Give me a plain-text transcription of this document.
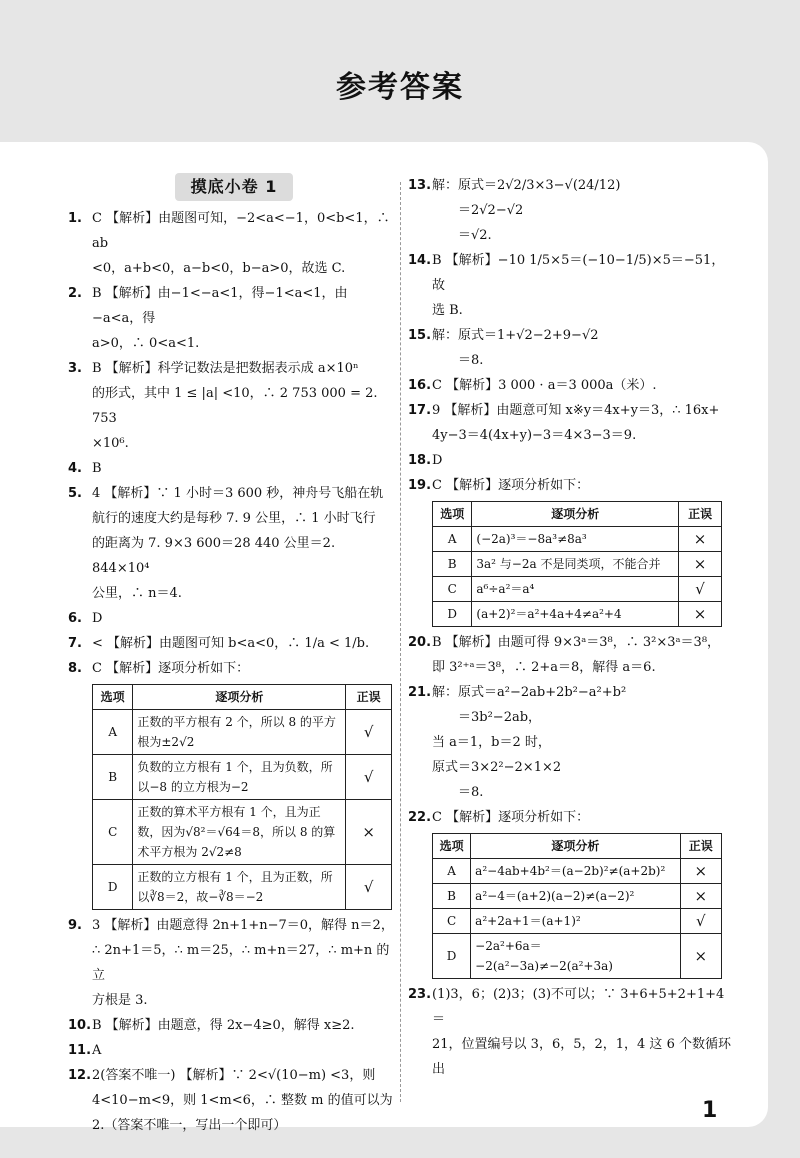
参考答案
摸底小卷 1
1. C 【解析】由题图可知，−2<a<−1，0<b<1，∴ ab
<0，a+b<0，a−b<0，b−a>0，故选 C.
2. B 【解析】由−1<−a<1，得−1<a<1，由−a<a，得
a>0，∴ 0<a<1.
3. B 【解析】科学记数法是把数据表示成 a×10ⁿ
的形式，其中 1 ≤ |a| <10，∴ 2 753 000 = 2. 753
×10⁶.
4. B
5. 4 【解析】∵ 1 小时＝3 600 秒，神舟号飞船在轨
航行的速度大约是每秒 7. 9 公里，∴ 1 小时飞行
的距离为 7. 9×3 600＝28 440 公里＝2. 844×10⁴
公里，∴ n＝4.
6. D
7. < 【解析】由题图可知 b<a<0，∴ 1/a < 1/b.
8. C 【解析】逐项分析如下：
选项	逐项分析	正误
A	正数的平方根有 2 个，所以 8 的平方根为±2√2	√
B	负数的立方根有 1 个，且为负数，所以−8 的立方根为−2	√
C	正数的算术平方根有 1 个，且为正数，因为√8²＝√64＝8，所以 8 的算术平方根为 2√2≠8	×
D	正数的立方根有 1 个，且为正数，所以∛8＝2，故−∛8＝−2	√
9. 3 【解析】由题意得 2n+1+n−7＝0，解得 n＝2，
∴ 2n+1＝5，∴ m＝25，∴ m+n＝27，∴ m+n 的立
方根是 3.
10. B 【解析】由题意，得 2x−4≥0，解得 x≥2.
11. A
12. 2(答案不唯一) 【解析】∵ 2<√(10−m) <3，则
4<10−m<9，则 1<m<6，∴ 整数 m 的值可以为
2.（答案不唯一，写出一个即可）
13. 解：原式＝2√2/3×3−√(24/12)
＝2√2−√2
＝√2.
14. B 【解析】−10 1/5×5＝(−10−1/5)×5＝−51，故
选 B.
15. 解：原式＝1+√2−2+9−√2
＝8.
16. C 【解析】3 000 · a＝3 000a（米）.
17. 9 【解析】由题意可知 x※y＝4x+y＝3，∴ 16x+
4y−3＝4(4x+y)−3＝4×3−3＝9.
18. D
19. C 【解析】逐项分析如下：
选项	逐项分析	正误
A	(−2a)³＝−8a³≠8a³	×
B	3a² 与−2a 不是同类项，不能合并	×
C	a⁶÷a²＝a⁴	√
D	(a+2)²＝a²+4a+4≠a²+4	×
20. B 【解析】由题可得 9×3ᵃ＝3⁸，∴ 3²×3ᵃ＝3⁸，
即 3²⁺ᵃ＝3⁸，∴ 2+a＝8，解得 a＝6.
21. 解：原式＝a²−2ab+2b²−a²+b²
＝3b²−2ab，
当 a＝1，b＝2 时，
原式＝3×2²−2×1×2
＝8.
22. C 【解析】逐项分析如下：
选项	逐项分析	正误
A	a²−4ab+4b²＝(a−2b)²≠(a+2b)²	×
B	a²−4＝(a+2)(a−2)≠(a−2)²	×
C	a²+2a+1＝(a+1)²	√
D	−2a²+6a＝−2(a²−3a)≠−2(a²+3a)	×
23. (1)3，6；(2)3；(3)不可以；∵ 3+6+5+2+1+4＝
21，位置编号以 3，6，5，2，1，4 这 6 个数循环出
1
